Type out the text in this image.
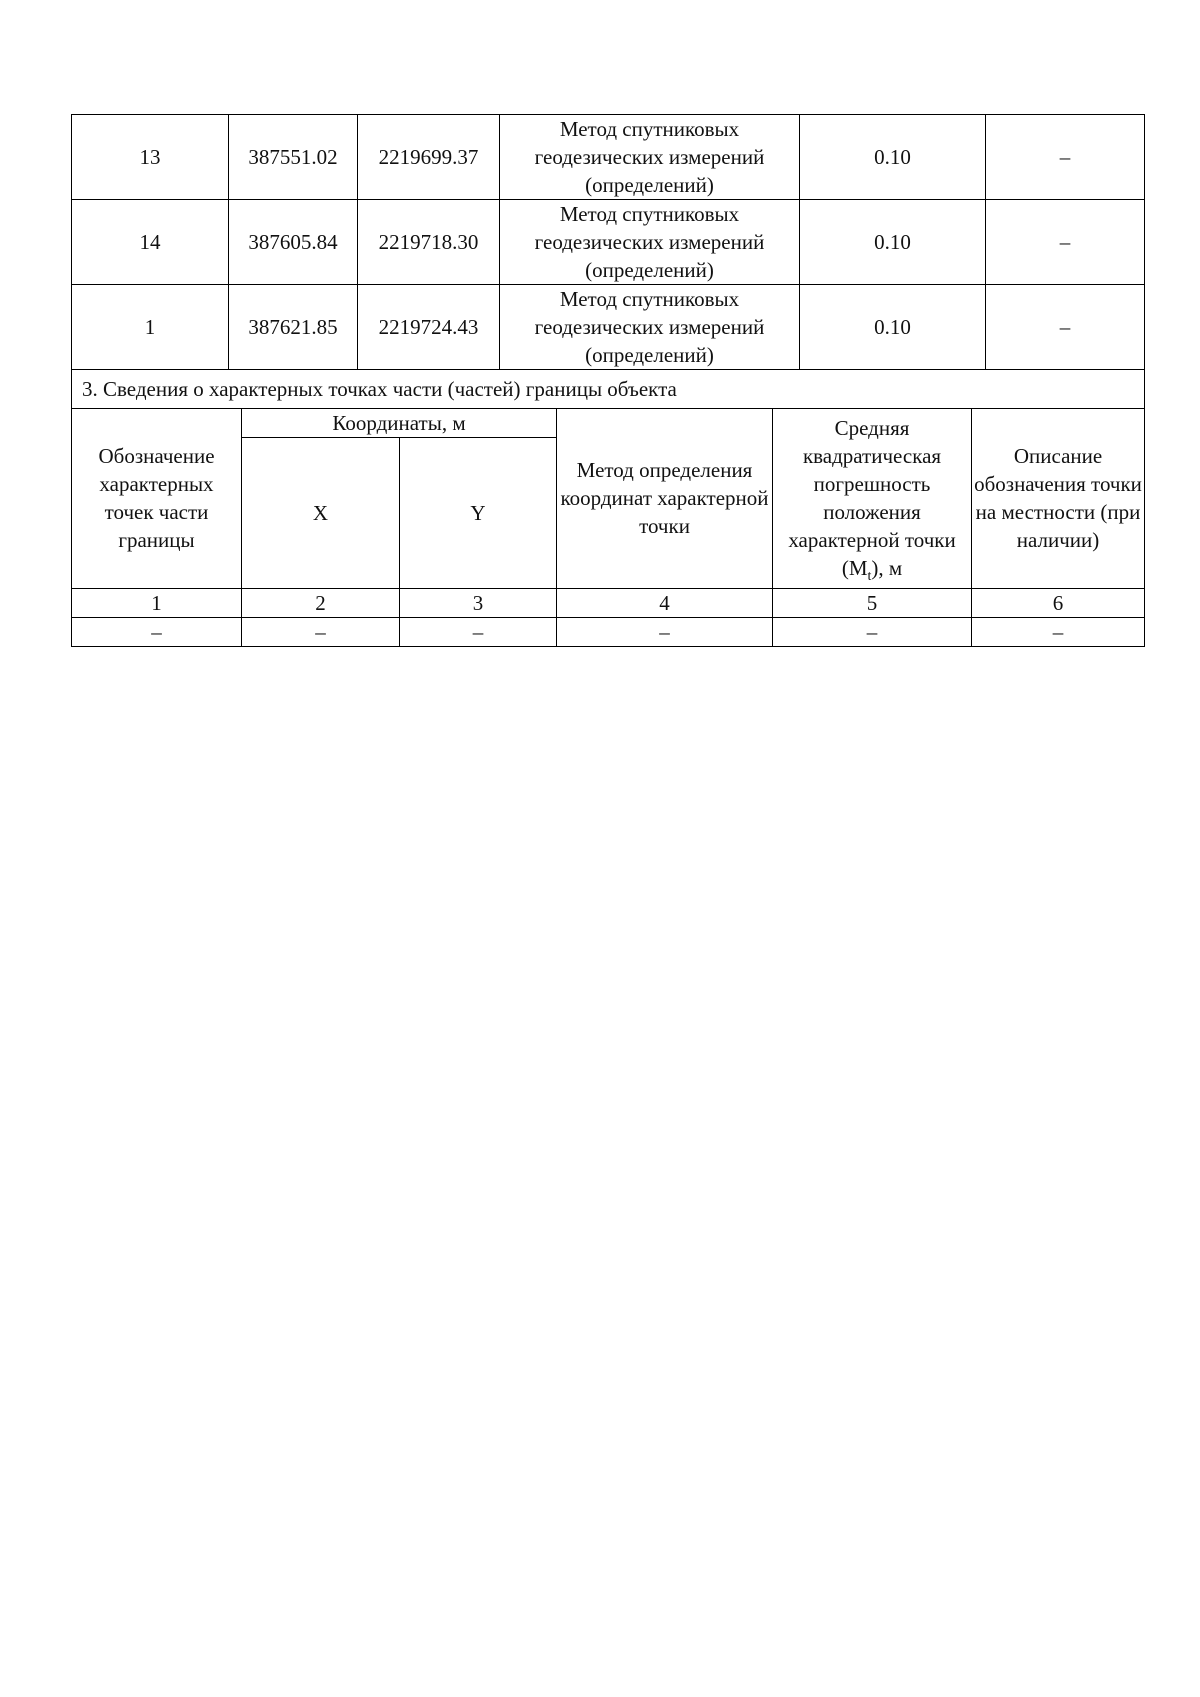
13	387551.02	2219699.37	Метод спутниковых геодезических измерений (определений)	0.10	–
14	387605.84	2219718.30	Метод спутниковых геодезических измерений (определений)	0.10	–
1	387621.85	2219724.43	Метод спутниковых геодезических измерений (определений)	0.10	–
3. Сведения о характерных точках части (частей) границы объекта					
Обозначение характерных точек части границы	Координаты, м		Метод определения координат характерной точки	Средняя квадратическая погрешность положения характерной точки $(M_t)$, м	Описание обозначения точки на местности (при наличии)
	X	Y			
1	2	3	4	5	6
–	–	–	–	–	–
